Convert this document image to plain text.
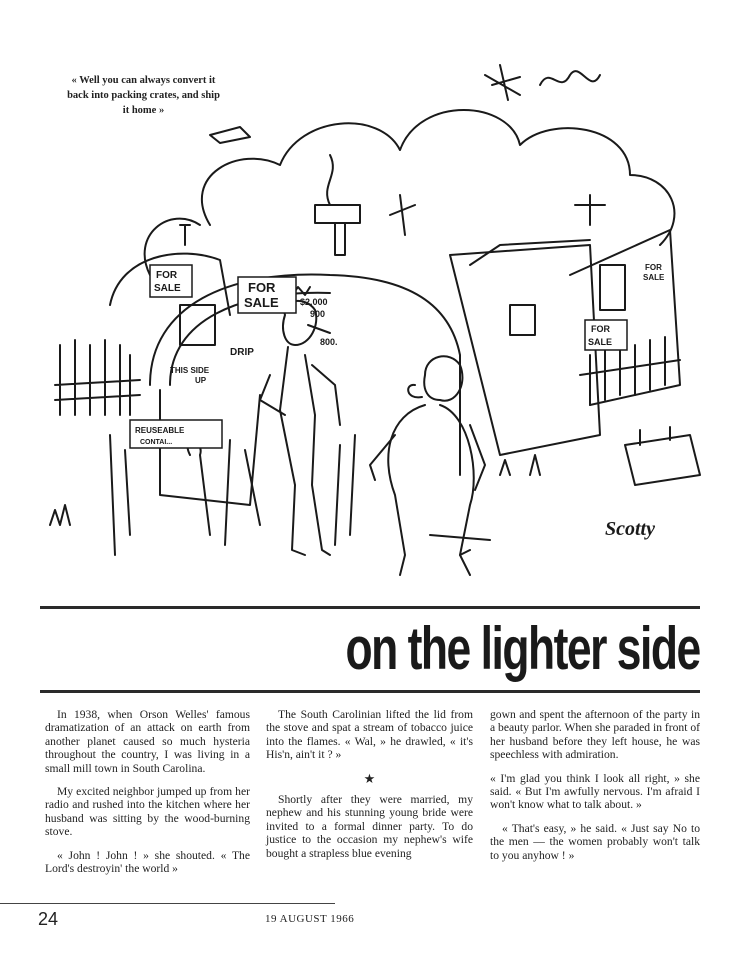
FOR
SALE	FOR
SALE $2.000
900
800.
THIS SIDE
UP
DRIP
REUSEABLE
CONTAI...
FOR
SALE
FOR
SALE
Scotty
« Well you can always convert it
back into packing crates, and ship
it home »
on the lighter side

In 1938, when Orson Welles' famous dramatization of an attack on earth from another planet caused so much hysteria throughout the country, I was living in a small mill town in South Carolina.

My excited neighbor jumped up from her radio and rushed into the kitchen where her husband was sitting by the wood-burning stove.

« John ! John ! » she shouted. « The Lord's destroyin' the world »

The South Carolinian lifted the lid from the stove and spat a stream of tobacco juice into the flames. « Wal, » he drawled, « it's His'n, ain't it ? »

★

Shortly after they were married, my nephew and his stunning young bride were invited to a formal dinner party. To do justice to the occasion my nephew's wife bought a strapless blue evening

gown and spent the afternoon of the party in a beauty parlor. When she paraded in front of her husband before they left house, he was speechless with admiration.

« I'm glad you think I look all right, » she said. « But I'm awfully nervous. I'm afraid I won't know what to talk about. »

« That's easy, » he said. « Just say No to the men — the women probably won't talk to you anyhow ! »

24	19 AUGUST 1966
